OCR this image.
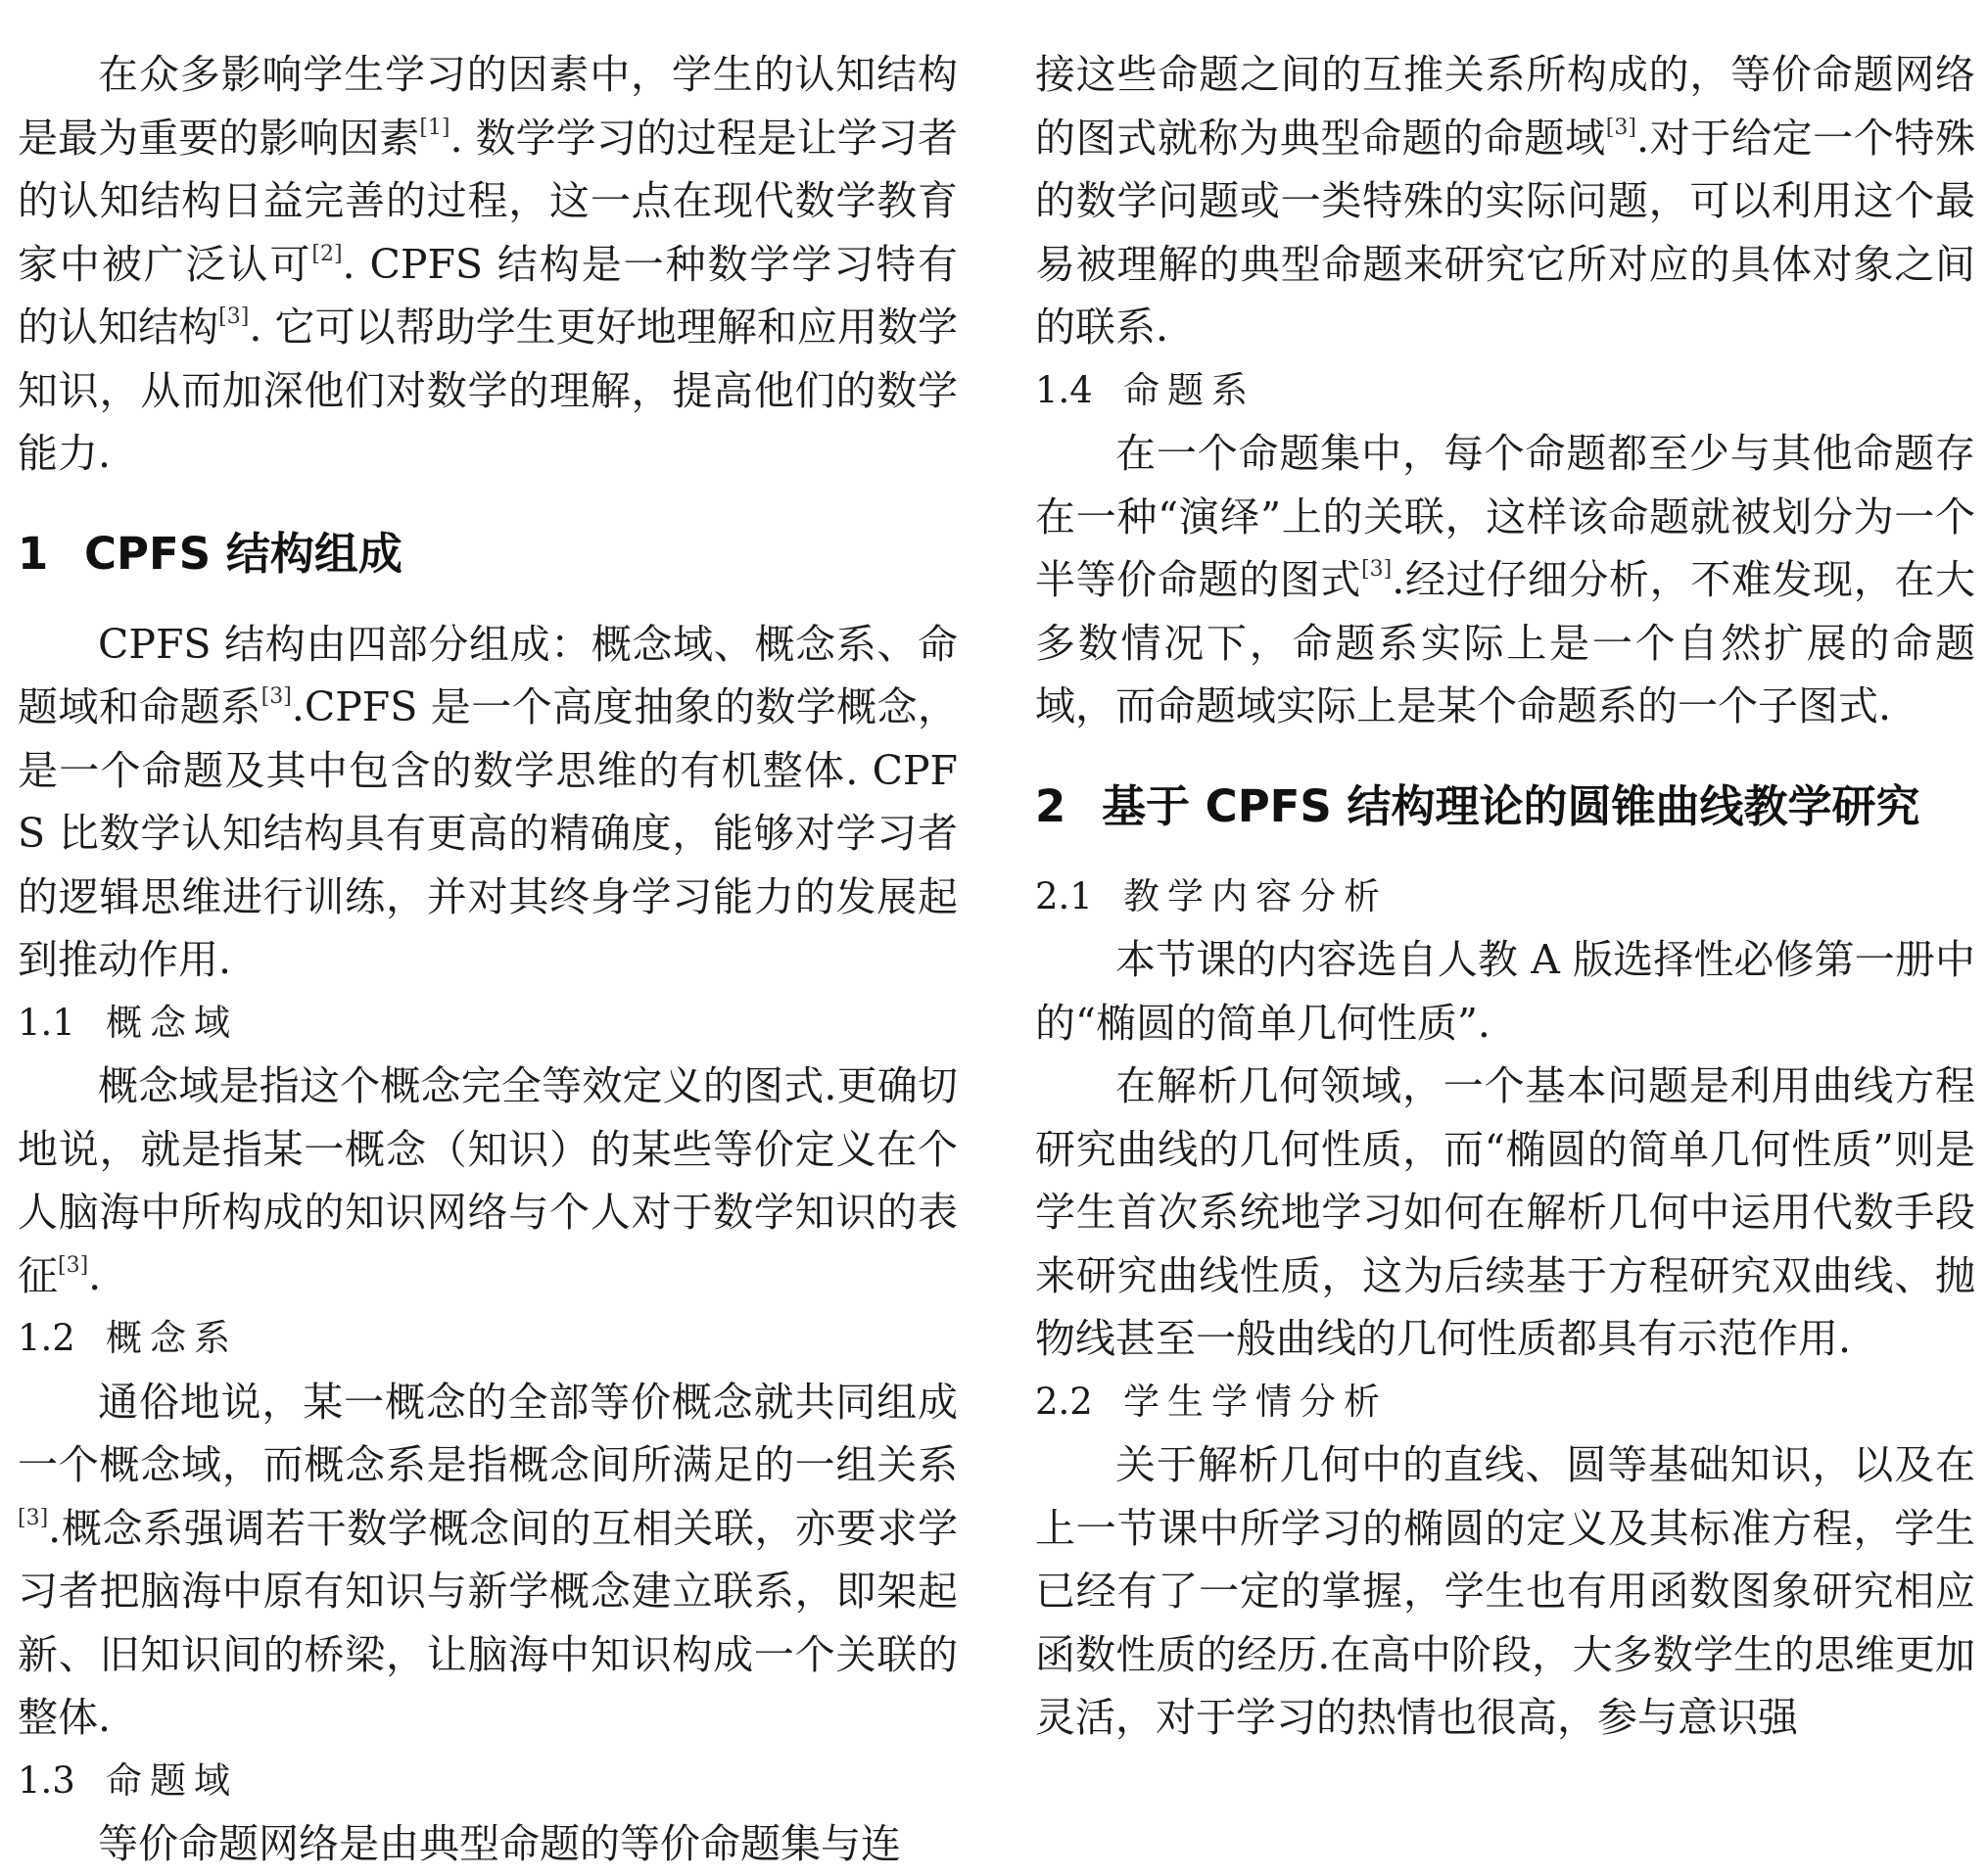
在众多影响学生学习的因素中，学生的认知结构是最为重要的影响因素[1]. 数学学习的过程是让学习者的认知结构日益完善的过程，这一点在现代数学教育家中被广泛认可[2]. CPFS 结构是一种数学学习特有的认知结构[3]. 它可以帮助学生更好地理解和应用数学知识，从而加深他们对数学的理解，提高他们的数学能力.

1 CPFS 结构组成

CPFS 结构由四部分组成：概念域、概念系、命题域和命题系[3].CPFS 是一个高度抽象的数学概念，是一个命题及其中包含的数学思维的有机整体. CPFS 比数学认知结构具有更高的精确度，能够对学习者的逻辑思维进行训练，并对其终身学习能力的发展起到推动作用.

1.1 概念域

概念域是指这个概念完全等效定义的图式.更确切地说，就是指某一概念（知识）的某些等价定义在个人脑海中所构成的知识网络与个人对于数学知识的表征[3].

1.2 概念系

通俗地说，某一概念的全部等价概念就共同组成一个概念域，而概念系是指概念间所满足的一组关系[3].概念系强调若干数学概念间的互相关联，亦要求学习者把脑海中原有知识与新学概念建立联系，即架起新、旧知识间的桥梁，让脑海中知识构成一个关联的整体.

1.3 命题域

等价命题网络是由典型命题的等价命题集与连

接这些命题之间的互推关系所构成的，等价命题网络的图式就称为典型命题的命题域[3].对于给定一个特殊的数学问题或一类特殊的实际问题，可以利用这个最易被理解的典型命题来研究它所对应的具体对象之间的联系.

1.4 命题系

在一个命题集中，每个命题都至少与其他命题存在一种“演绎”上的关联，这样该命题就被划分为一个半等价命题的图式[3].经过仔细分析，不难发现，在大多数情况下，命题系实际上是一个自然扩展的命题域，而命题域实际上是某个命题系的一个子图式.

2 基于 CPFS 结构理论的圆锥曲线教学研究
2.1 教学内容分析

本节课的内容选自人教 A 版选择性必修第一册中的“椭圆的简单几何性质”.

在解析几何领域，一个基本问题是利用曲线方程研究曲线的几何性质，而“椭圆的简单几何性质”则是学生首次系统地学习如何在解析几何中运用代数手段来研究曲线性质，这为后续基于方程研究双曲线、抛物线甚至一般曲线的几何性质都具有示范作用.

2.2 学生学情分析

关于解析几何中的直线、圆等基础知识，以及在上一节课中所学习的椭圆的定义及其标准方程，学生已经有了一定的掌握，学生也有用函数图象研究相应函数性质的经历.在高中阶段，大多数学生的思维更加灵活，对于学习的热情也很高，参与意识强
